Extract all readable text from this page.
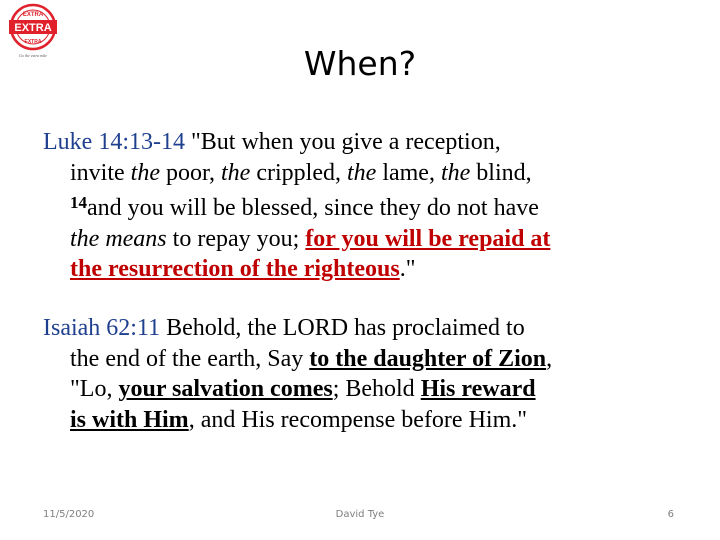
EXTRA
EXTRA
EXTRA
Go the extra mile	When?
Luke 14:13-14 "But when you give a reception,
invite the poor, the crippled, the lame, the blind,
$^{14}$and you will be blessed, since they do not have
the means to repay you; for you will be repaid at
the resurrection of the righteous."
Isaiah 62:11 Behold, the LORD has proclaimed to
the end of the earth, Say to the daughter of Zion,
"Lo, your salvation comes; Behold His reward
is with Him, and His recompense before Him."
11/5/2020	David Tye	6
